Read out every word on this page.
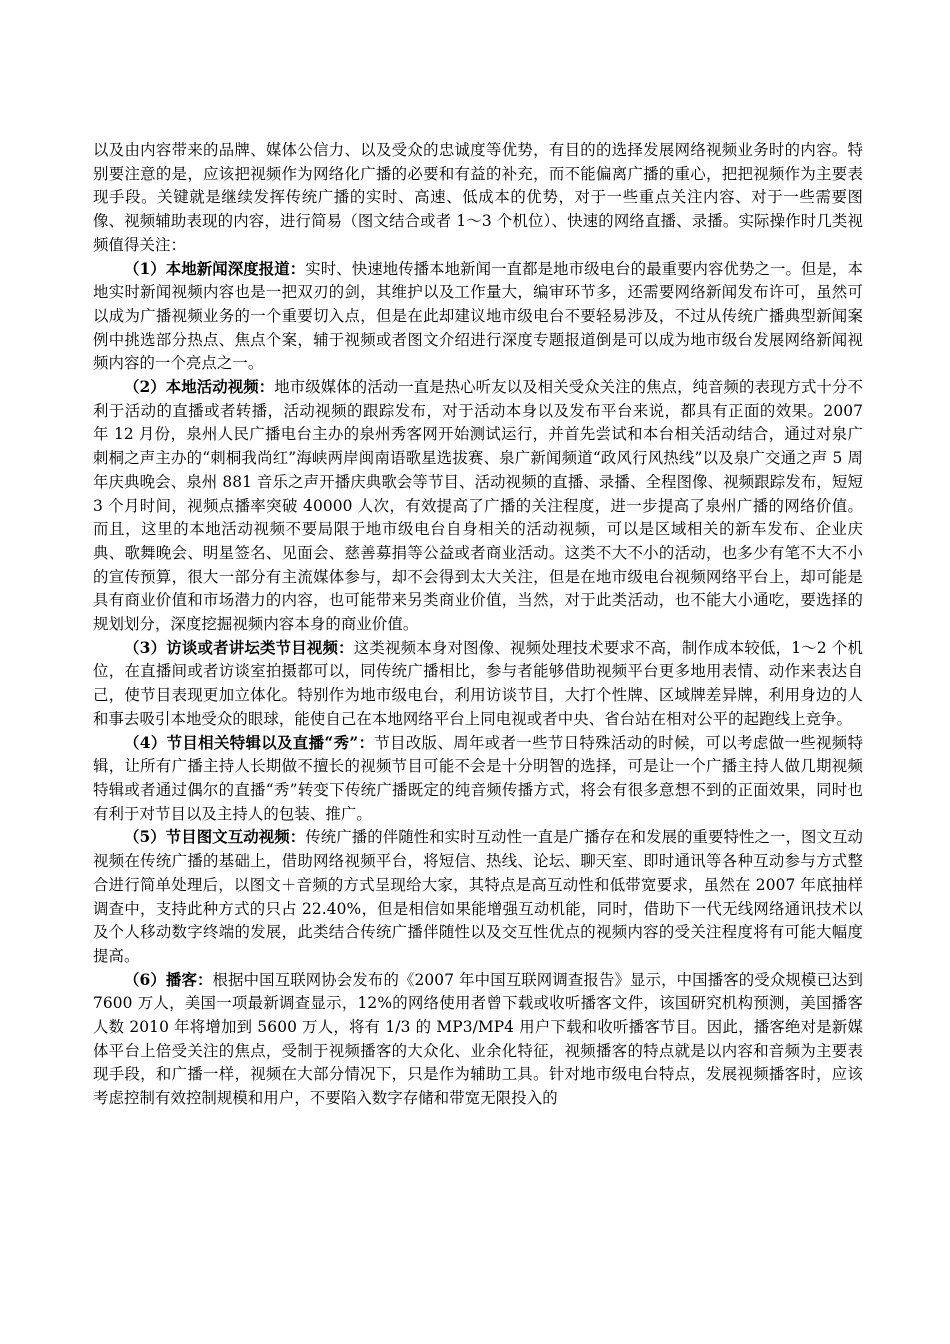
以及由内容带来的品牌、媒体公信力、以及受众的忠诚度等优势，有目的的选择发展网络视频业务时的内容。特别要注意的是，应该把视频作为网络化广播的必要和有益的补充，而不能偏离广播的重心，把把视频作为主要表现手段。关键就是继续发挥传统广播的实时、高速、低成本的优势，对于一些重点关注内容、对于一些需要图像、视频辅助表现的内容，进行简易（图文结合或者 1～3 个机位）、快速的网络直播、录播。实际操作时几类视频值得关注：

（1）本地新闻深度报道：实时、快速地传播本地新闻一直都是地市级电台的最重要内容优势之一。但是，本地实时新闻视频内容也是一把双刃的剑，其维护以及工作量大，编审环节多，还需要网络新闻发布许可，虽然可以成为广播视频业务的一个重要切入点，但是在此却建议地市级电台不要轻易涉及，不过从传统广播典型新闻案例中挑选部分热点、焦点个案，辅于视频或者图文介绍进行深度专题报道倒是可以成为地市级台发展网络新闻视频内容的一个亮点之一。

（2）本地活动视频：地市级媒体的活动一直是热心听友以及相关受众关注的焦点，纯音频的表现方式十分不利于活动的直播或者转播，活动视频的跟踪发布，对于活动本身以及发布平台来说，都具有正面的效果。2007 年 12 月份，泉州人民广播电台主办的泉州秀客网开始测试运行，并首先尝试和本台相关活动结合，通过对泉广刺桐之声主办的“刺桐我尚红”海峡两岸闽南语歌星选拔赛、泉广新闻频道“政风行风热线”以及泉广交通之声 5 周年庆典晚会、泉州 881 音乐之声开播庆典歌会等节目、活动视频的直播、录播、全程图像、视频跟踪发布，短短 3 个月时间，视频点播率突破 40000 人次，有效提高了广播的关注程度，进一步提高了泉州广播的网络价值。而且，这里的本地活动视频不要局限于地市级电台自身相关的活动视频，可以是区域相关的新车发布、企业庆典、歌舞晚会、明星签名、见面会、慈善募捐等公益或者商业活动。这类不大不小的活动，也多少有笔不大不小的宣传预算，很大一部分有主流媒体参与，却不会得到太大关注，但是在地市级电台视频网络平台上，却可能是具有商业价值和市场潜力的内容，也可能带来另类商业价值，当然，对于此类活动，也不能大小通吃，要选择的规划划分，深度挖掘视频内容本身的商业价值。

（3）访谈或者讲坛类节目视频：这类视频本身对图像、视频处理技术要求不高，制作成本较低，1～2 个机位，在直播间或者访谈室拍摄都可以，同传统广播相比，参与者能够借助视频平台更多地用表情、动作来表达自己，使节目表现更加立体化。特别作为地市级电台，利用访谈节目，大打个性牌、区域牌差异牌，利用身边的人和事去吸引本地受众的眼球，能使自己在本地网络平台上同电视或者中央、省台站在相对公平的起跑线上竞争。

（4）节目相关特辑以及直播“秀”：节目改版、周年或者一些节日特殊活动的时候，可以考虑做一些视频特辑，让所有广播主持人长期做不擅长的视频节目可能不会是十分明智的选择，可是让一个广播主持人做几期视频特辑或者通过偶尔的直播“秀”转变下传统广播既定的纯音频传播方式，将会有很多意想不到的正面效果，同时也有利于对节目以及主持人的包装、推广。

（5）节目图文互动视频：传统广播的伴随性和实时互动性一直是广播存在和发展的重要特性之一，图文互动视频在传统广播的基础上，借助网络视频平台，将短信、热线、论坛、聊天室、即时通讯等各种互动参与方式整合进行简单处理后，以图文＋音频的方式呈现给大家，其特点是高互动性和低带宽要求，虽然在 2007 年底抽样调查中，支持此种方式的只占 22.40%，但是相信如果能增强互动机能，同时，借助下一代无线网络通讯技术以及个人移动数字终端的发展，此类结合传统广播伴随性以及交互性优点的视频内容的受关注程度将有可能大幅度提高。

（6）播客：根据中国互联网协会发布的《2007 年中国互联网调查报告》显示，中国播客的受众规模已达到 7600 万人，美国一项最新调查显示，12%的网络使用者曾下载或收听播客文件，该国研究机构预测，美国播客人数 2010 年将增加到 5600 万人，将有 1/3 的 MP3/MP4 用户下载和收听播客节目。因此，播客绝对是新媒体平台上倍受关注的焦点，受制于视频播客的大众化、业余化特征，视频播客的特点就是以内容和音频为主要表现手段，和广播一样，视频在大部分情况下，只是作为辅助工具。针对地市级电台特点，发展视频播客时，应该考虑控制有效控制规模和用户，不要陷入数字存储和带宽无限投入的
